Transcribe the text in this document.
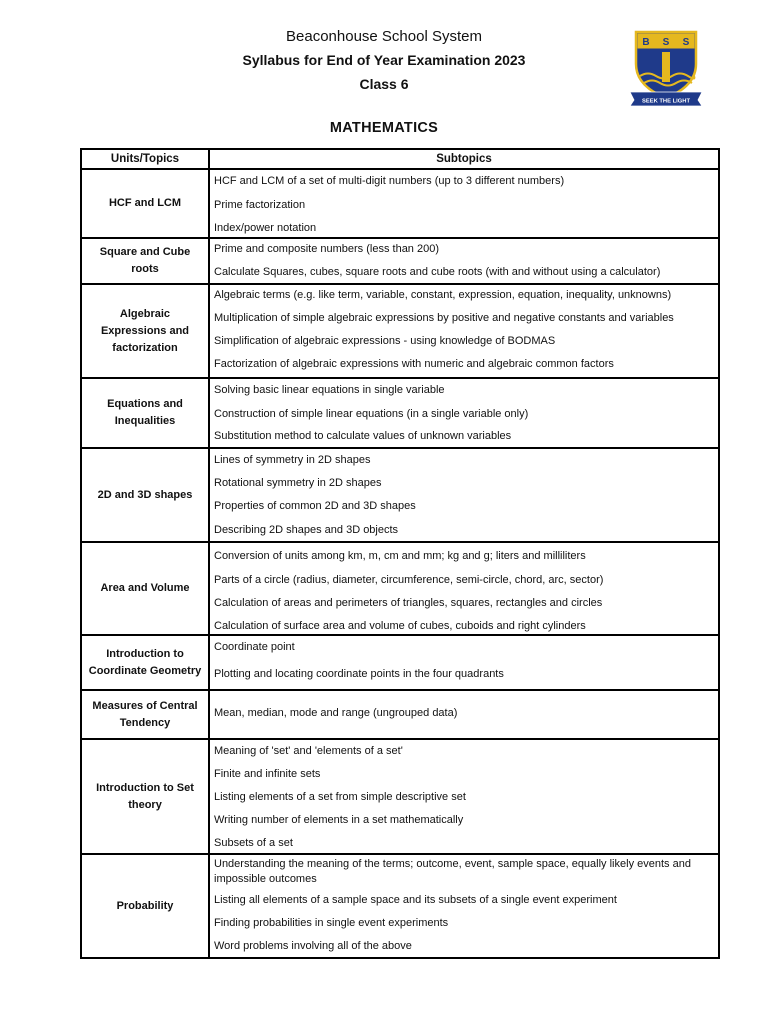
Beaconhouse School System
Syllabus for End of Year Examination 2023
Class 6
MATHEMATICS
B S S
SEEK THE LIGHT
Units/Topics	Subtopics
HCF and LCM
HCF and LCM of a set of multi-digit numbers (up to 3 different numbers)
Prime factorization
Index/power notation
Square and Cube roots
Prime and composite numbers (less than 200)
Calculate Squares, cubes, square roots and cube roots (with and without using a calculator)
Algebraic Expressions and factorization
Algebraic terms (e.g. like term, variable, constant, expression, equation, inequality, unknowns)
Multiplication of simple algebraic expressions by positive and negative constants and variables
Simplification of algebraic expressions - using knowledge of BODMAS
Factorization of algebraic expressions with numeric and algebraic common factors
Equations and Inequalities
Solving basic linear equations in single variable
Construction of simple linear equations (in a single variable only)
Substitution method to calculate values of unknown variables
2D and 3D shapes
Lines of symmetry in 2D shapes
Rotational symmetry in 2D shapes
Properties of common 2D and 3D shapes
Describing 2D shapes and 3D objects
Area and Volume
Conversion of units among km, m, cm and mm; kg and g; liters and milliliters
Parts of a circle (radius, diameter, circumference, semi-circle, chord, arc, sector)
Calculation of areas and perimeters of triangles, squares, rectangles and circles
Calculation of surface area and volume of cubes, cuboids and right cylinders
Introduction to Coordinate Geometry
Coordinate point
Plotting and locating coordinate points in the four quadrants
Measures of Central Tendency
Mean, median, mode and range (ungrouped data)
Introduction to Set theory
Meaning of 'set' and 'elements of a set'
Finite and infinite sets
Listing elements of a set from simple descriptive set
Writing number of elements in a set mathematically
Subsets of a set
Probability
Understanding the meaning of the terms; outcome, event, sample space, equally likely events and impossible outcomes
Listing all elements of a sample space and its subsets of a single event experiment
Finding probabilities in single event experiments
Word problems involving all of the above
